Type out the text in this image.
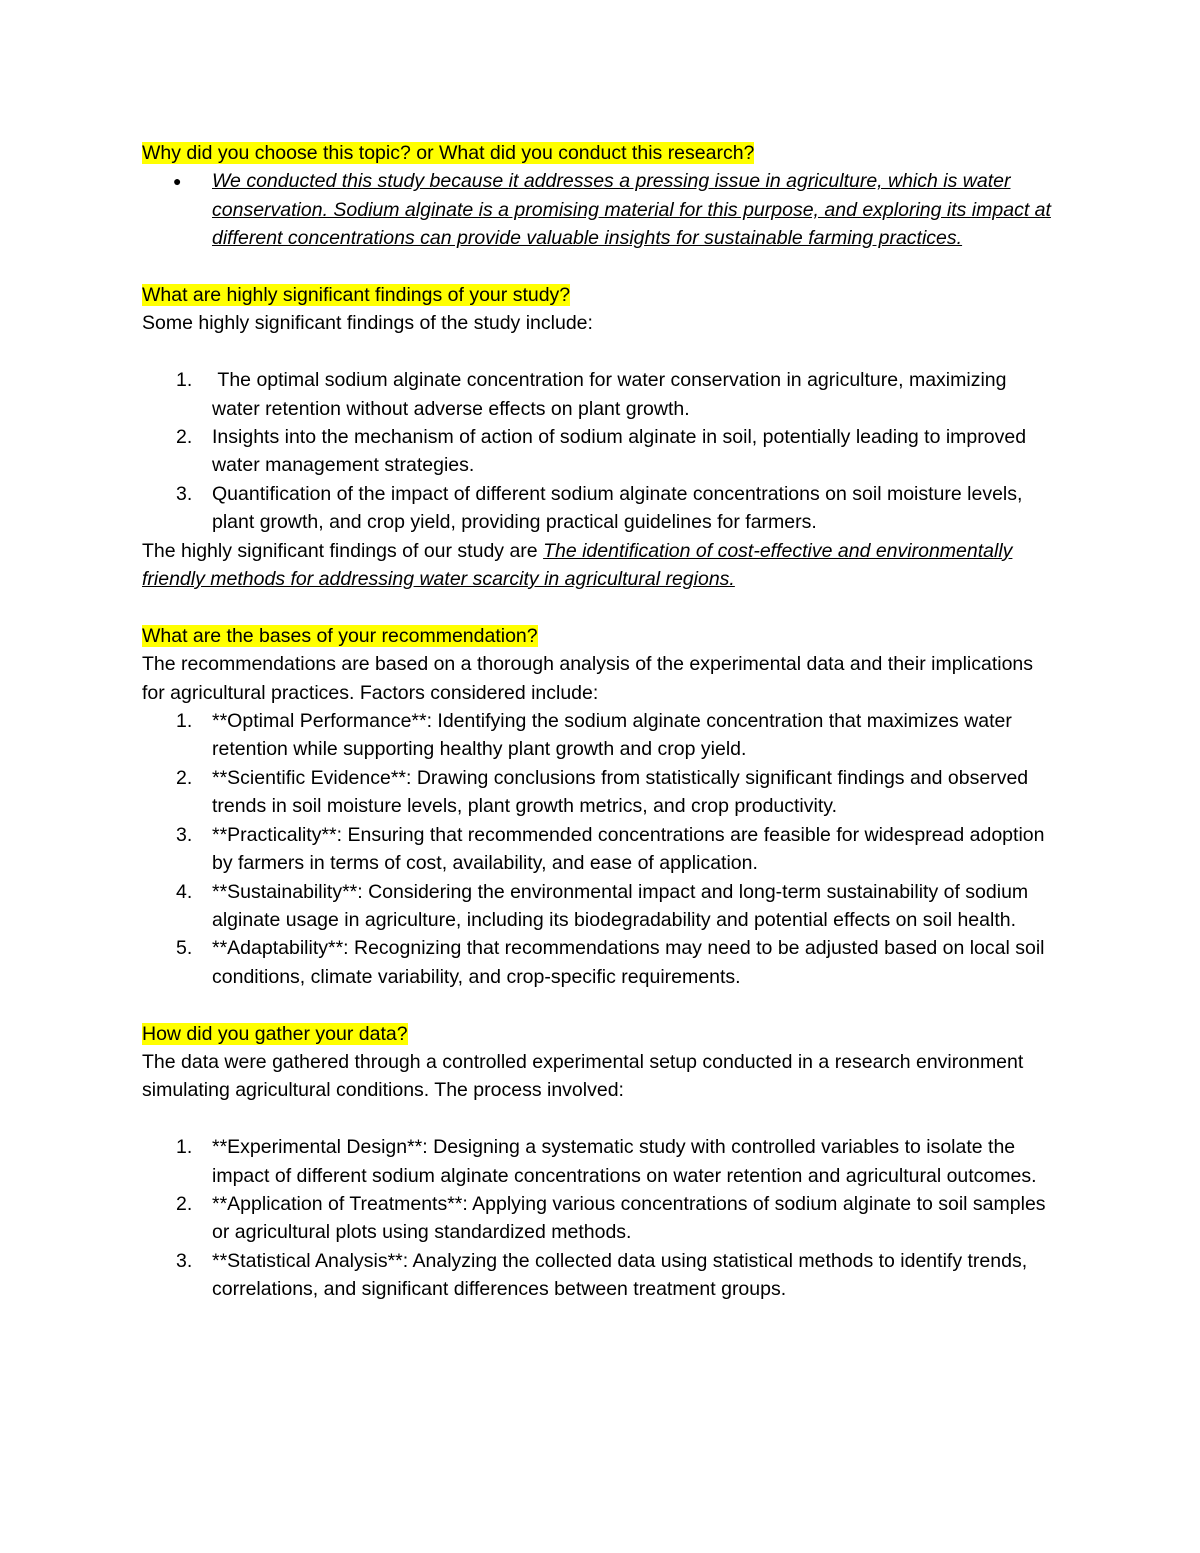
Why did you choose this topic? or What did you conduct this research?

● We conducted this study because it addresses a pressing issue in agriculture, which is water conservation. Sodium alginate is a promising material for this purpose, and exploring its impact at different concentrations can provide valuable insights for sustainable farming practices.

What are highly significant findings of your study?

Some highly significant findings of the study include:

1. The optimal sodium alginate concentration for water conservation in agriculture, maximizing water retention without adverse effects on plant growth.
2. Insights into the mechanism of action of sodium alginate in soil, potentially leading to improved water management strategies.
3. Quantification of the impact of different sodium alginate concentrations on soil moisture levels, plant growth, and crop yield, providing practical guidelines for farmers.

The highly significant findings of our study are The identification of cost-effective and environmentally friendly methods for addressing water scarcity in agricultural regions.

What are the bases of your recommendation?

The recommendations are based on a thorough analysis of the experimental data and their implications for agricultural practices. Factors considered include:

1. **Optimal Performance**: Identifying the sodium alginate concentration that maximizes water retention while supporting healthy plant growth and crop yield.
2. **Scientific Evidence**: Drawing conclusions from statistically significant findings and observed trends in soil moisture levels, plant growth metrics, and crop productivity.
3. **Practicality**: Ensuring that recommended concentrations are feasible for widespread adoption by farmers in terms of cost, availability, and ease of application.
4. **Sustainability**: Considering the environmental impact and long-term sustainability of sodium alginate usage in agriculture, including its biodegradability and potential effects on soil health.
5. **Adaptability**: Recognizing that recommendations may need to be adjusted based on local soil conditions, climate variability, and crop-specific requirements.

How did you gather your data?

The data were gathered through a controlled experimental setup conducted in a research environment simulating agricultural conditions. The process involved:

1. **Experimental Design**: Designing a systematic study with controlled variables to isolate the impact of different sodium alginate concentrations on water retention and agricultural outcomes.
2. **Application of Treatments**: Applying various concentrations of sodium alginate to soil samples or agricultural plots using standardized methods.
3. **Statistical Analysis**: Analyzing the collected data using statistical methods to identify trends, correlations, and significant differences between treatment groups.
